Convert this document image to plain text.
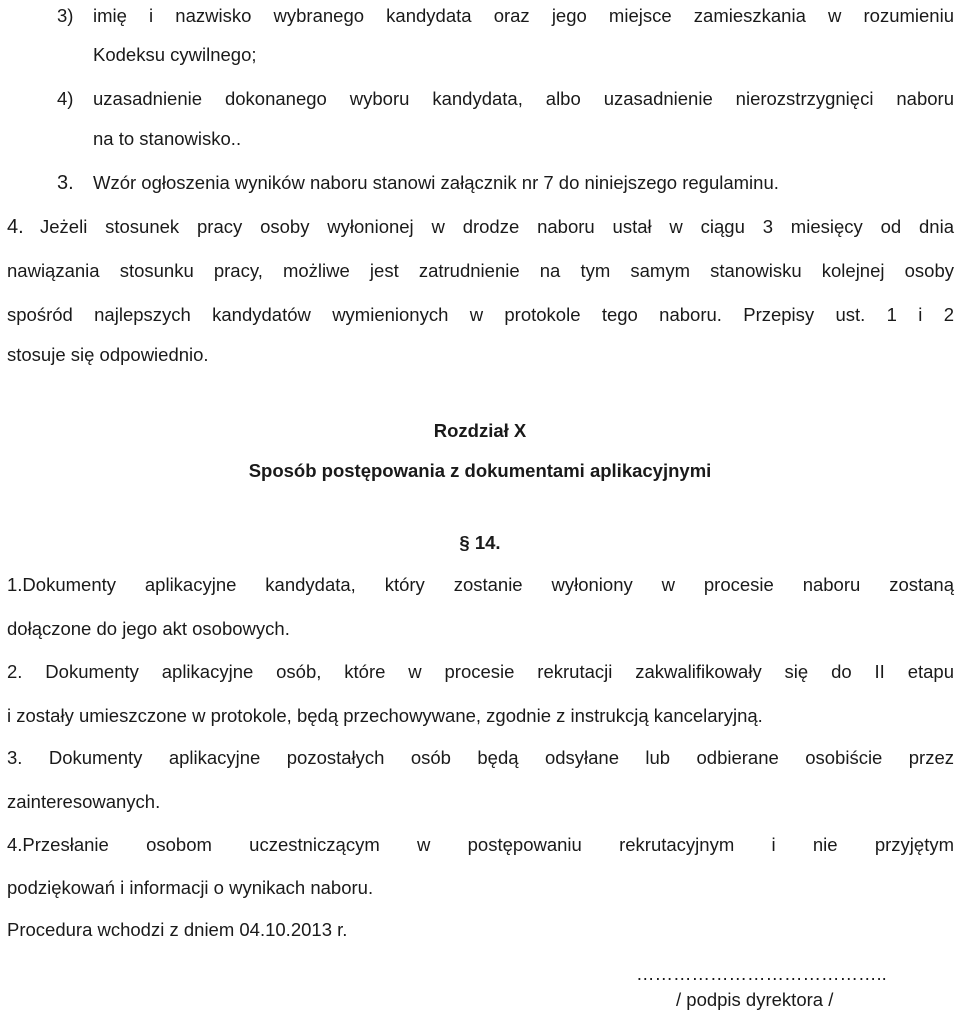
3) imię i nazwisko wybranego kandydata oraz jego miejsce zamieszkania w rozumieniu

Kodeksu cywilnego;

4) uzasadnienie dokonanego wyboru kandydata, albo uzasadnienie nierozstrzygnięci naboru

na to stanowisko..

3. Wzór ogłoszenia wyników naboru stanowi załącznik nr 7 do niniejszego regulaminu.

4. Jeżeli stosunek pracy osoby wyłonionej w drodze naboru ustał w ciągu 3 miesięcy od dnia

nawiązania stosunku pracy, możliwe jest zatrudnienie na tym samym stanowisku kolejnej osoby

spośród najlepszych kandydatów wymienionych w protokole tego naboru. Przepisy ust. 1 i 2

stosuje się odpowiednio.

Rozdział X

Sposób postępowania z dokumentami aplikacyjnymi

§ 14.

1.Dokumenty aplikacyjne kandydata, który zostanie wyłoniony w procesie naboru zostaną

dołączone do jego akt osobowych.

2. Dokumenty aplikacyjne osób, które w procesie rekrutacji zakwalifikowały się do II etapu

i zostały umieszczone w protokole, będą przechowywane, zgodnie z instrukcją kancelaryjną.

3. Dokumenty aplikacyjne pozostałych osób będą odsyłane lub odbierane osobiście przez

zainteresowanych.

4.Przesłanie osobom uczestniczącym w postępowaniu rekrutacyjnym i nie przyjętym

podziękowań i informacji o wynikach naboru.

Procedura wchodzi z dniem 04.10.2013 r.

…………………………………..

/ podpis dyrektora /
